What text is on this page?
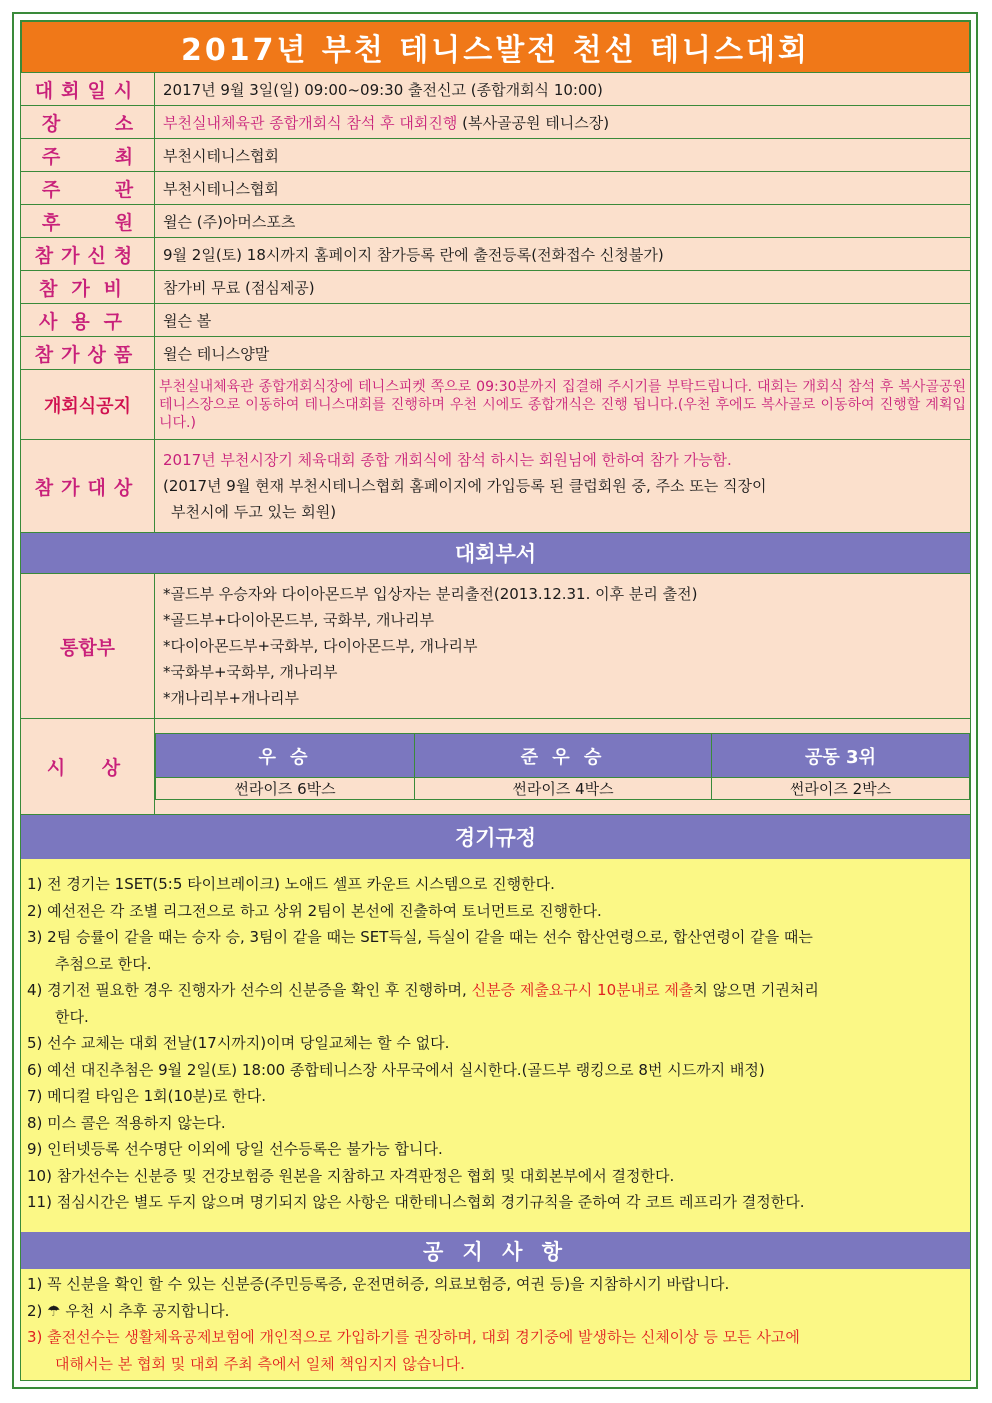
2017년 부천 테니스발전 천선 테니스대회
대회일시	2017년 9월 3일(일) 09:00~09:30 출전신고 (종합개회식 10:00)
장 소	부천실내체육관 종합개회식 참석 후 대회진행 (복사골공원 테니스장)
주 최	부천시테니스협회
주 관	부천시테니스협회
후 원	윌슨 (주)아머스포츠
참가신청	9월 2일(토) 18시까지 홈페이지 참가등록 란에 출전등록(전화접수 신청불가)
참가비	참가비 무료 (점심제공)
사용구	윌슨 볼
참가상품	윌슨 테니스양말
개회식공지	부천실내체육관 종합개회식장에 테니스피켓 쪽으로 09:30분까지 집결해 주시기를 부탁드립니다. 대회는 개회식 참석 후 복사골공원테니스장으로 이동하여 테니스대회를 진행하며 우천 시에도 종합개식은 진행 됩니다.(우천 후에도 복사골로 이동하여 진행할 계획입니다.)
참가대상	2017년 부천시장기 체육대회 종합 개회식에 참석 하시는 회원님에 한하여 참가 가능함.
(2017년 9월 현재 부천시테니스협회 홈페이지에 가입등록 된 클럽회원 중, 주소 또는 직장이
부천시에 두고 있는 회원)
대회부서
통합부	
*골드부 우승자와 다이아몬드부 입상자는 분리출전(2013.12.31. 이후 분리 출전)
*골드부+다이아몬드부, 국화부, 개나리부
*다이아몬드부+국화부, 다이아몬드부, 개나리부
*국화부+국화부, 개나리부
*개나리부+개나리부

시 상		우 승	준 우 승	공동 3위
썬라이즈 6박스	썬라이즈 4박스	썬라이즈 2박스
경기규정
1) 전 경기는 1SET(5:5 타이브레이크) 노애드 셀프 카운트 시스템으로 진행한다.
2) 예선전은 각 조별 리그전으로 하고 상위 2팀이 본선에 진출하여 토너먼트로 진행한다.
3) 2팀 승률이 같을 때는 승자 승, 3팀이 같을 때는 SET득실, 득실이 같을 때는 선수 합산연령으로, 합산연령이 같을 때는
추첨으로 한다.
4) 경기전 필요한 경우 진행자가 선수의 신분증을 확인 후 진행하며, 신분증 제출요구시 10분내로 제출치 않으면 기권처리
한다.
5) 선수 교체는 대회 전날(17시까지)이며 당일교체는 할 수 없다.
6) 예선 대진추첨은 9월 2일(토) 18:00 종합테니스장 사무국에서 실시한다.(골드부 랭킹으로 8번 시드까지 배정)
7) 메디컬 타임은 1회(10분)로 한다.
8) 미스 콜은 적용하지 않는다.
9) 인터넷등록 선수명단 이외에 당일 선수등록은 불가능 합니다.
10) 참가선수는 신분증 및 건강보험증 원본을 지참하고 자격판정은 협회 및 대회본부에서 결정한다.
11) 점심시간은 별도 두지 않으며 명기되지 않은 사항은 대한테니스협회 경기규칙을 준하여 각 코트 레프리가 결정한다.
공 지 사 항
1) 꼭 신분을 확인 할 수 있는 신분증(주민등록증, 운전면허증, 의료보험증, 여권 등)을 지참하시기 바랍니다.
2) ☂ 우천 시 추후 공지합니다.
3) 출전선수는 생활체육공제보험에 개인적으로 가입하기를 권장하며, 대회 경기중에 발생하는 신체이상 등 모든 사고에
대해서는 본 협회 및 대회 주최 측에서 일체 책임지지 않습니다.
